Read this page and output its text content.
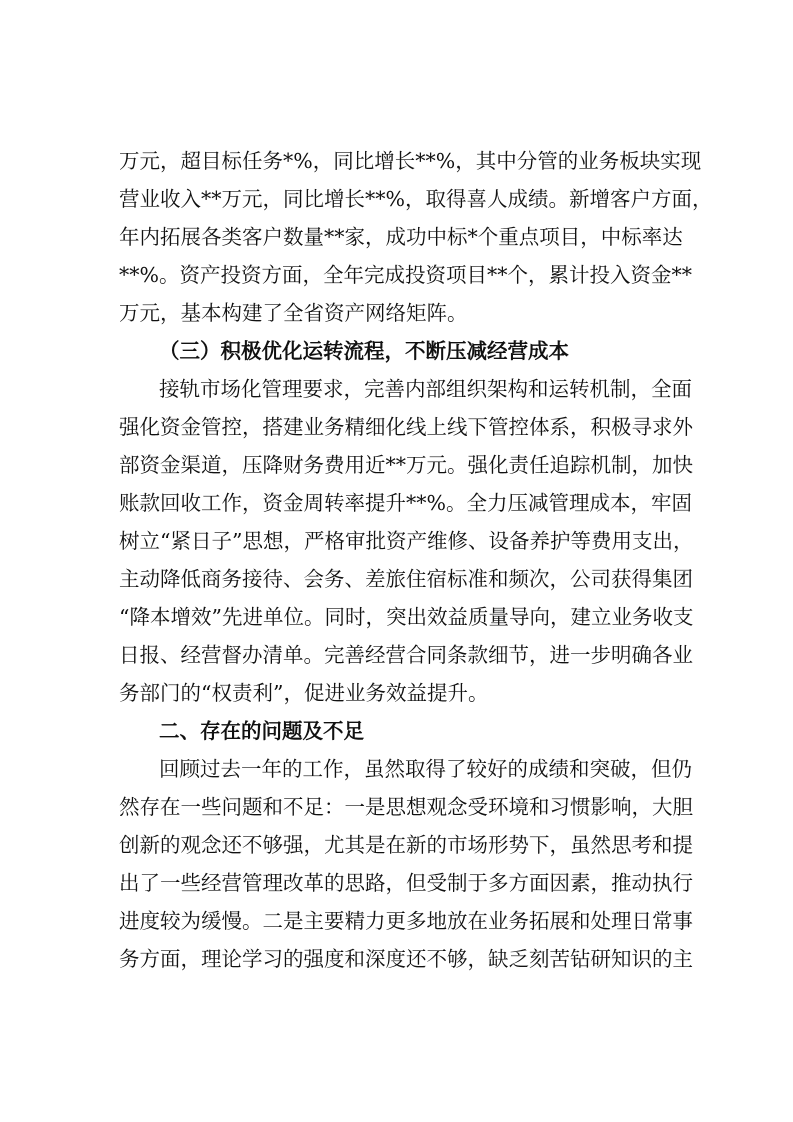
万元，超目标任务*%，同比增长**%，其中分管的业务板块实现
营业收入**万元，同比增长**%，取得喜人成绩。新增客户方面，
年内拓展各类客户数量**家，成功中标*个重点项目，中标率达
**%。资产投资方面，全年完成投资项目**个，累计投入资金**
万元，基本构建了全省资产网络矩阵。
（三）积极优化运转流程，不断压减经营成本
接轨市场化管理要求，完善内部组织架构和运转机制，全面
强化资金管控，搭建业务精细化线上线下管控体系，积极寻求外
部资金渠道，压降财务费用近**万元。强化责任追踪机制，加快
账款回收工作，资金周转率提升**%。全力压减管理成本，牢固
树立“紧日子”思想，严格审批资产维修、设备养护等费用支出，
主动降低商务接待、会务、差旅住宿标准和频次，公司获得集团
“降本增效”先进单位。同时，突出效益质量导向，建立业务收支
日报、经营督办清单。完善经营合同条款细节，进一步明确各业
务部门的“权责利”，促进业务效益提升。
二、存在的问题及不足
回顾过去一年的工作，虽然取得了较好的成绩和突破，但仍
然存在一些问题和不足：一是思想观念受环境和习惯影响，大胆
创新的观念还不够强，尤其是在新的市场形势下，虽然思考和提
出了一些经营管理改革的思路，但受制于多方面因素，推动执行
进度较为缓慢。二是主要精力更多地放在业务拓展和处理日常事
务方面，理论学习的强度和深度还不够，缺乏刻苦钻研知识的主
